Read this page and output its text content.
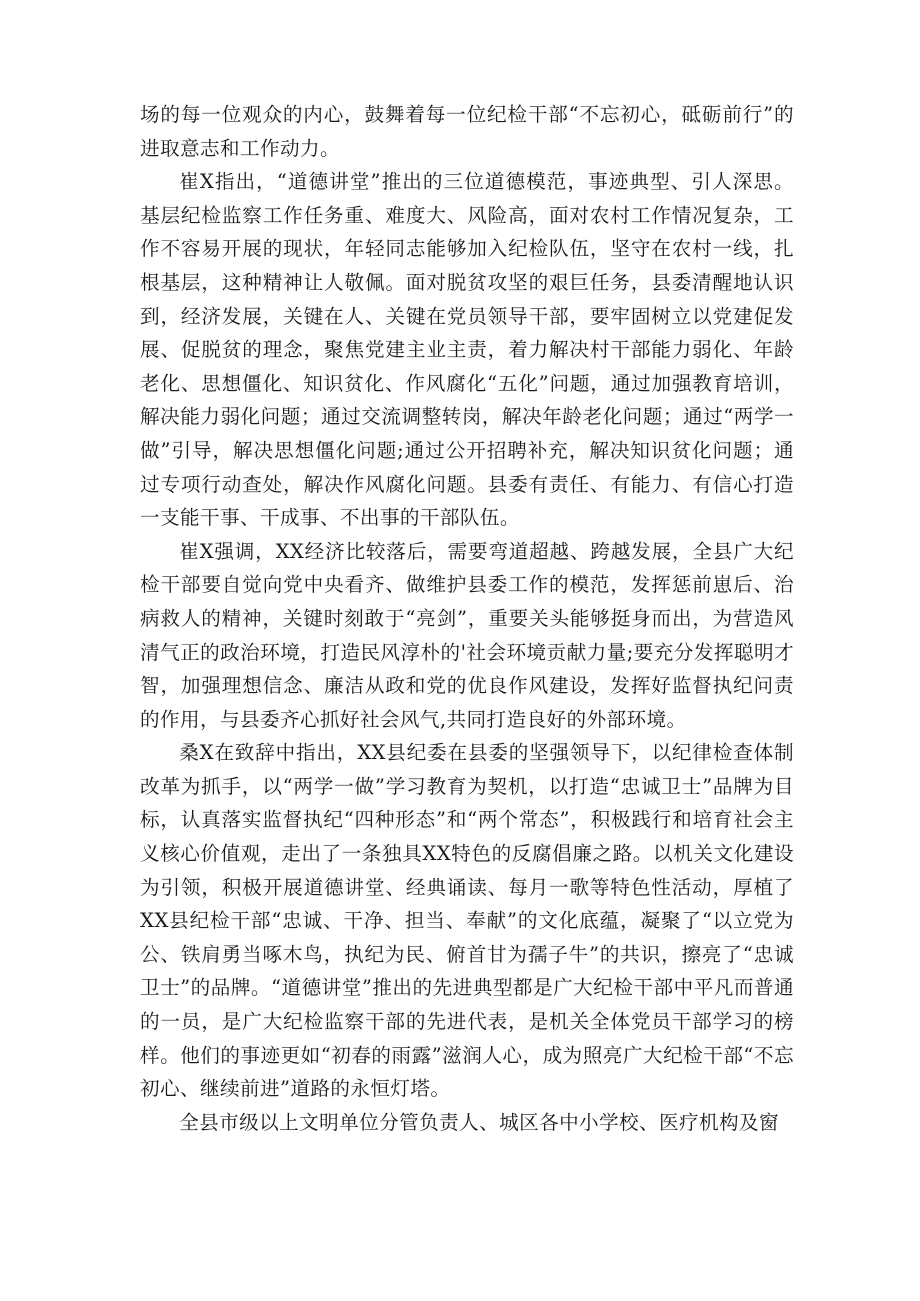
场的每一位观众的内心，鼓舞着每一位纪检干部“不忘初心，砥砺前行”的进取意志和工作动力。

崔X指出，“道德讲堂”推出的三位道德模范，事迹典型、引人深思。基层纪检监察工作任务重、难度大、风险高，面对农村工作情况复杂，工作不容易开展的现状，年轻同志能够加入纪检队伍，坚守在农村一线，扎根基层，这种精神让人敬佩。面对脱贫攻坚的艰巨任务，县委清醒地认识到，经济发展，关键在人、关键在党员领导干部，要牢固树立以党建促发展、促脱贫的理念，聚焦党建主业主责，着力解决村干部能力弱化、年龄老化、思想僵化、知识贫化、作风腐化“五化”问题，通过加强教育培训，解决能力弱化问题；通过交流调整转岗，解决年龄老化问题；通过“两学一做”引导，解决思想僵化问题;通过公开招聘补充，解决知识贫化问题；通过专项行动查处，解决作风腐化问题。县委有责任、有能力、有信心打造一支能干事、干成事、不出事的干部队伍。

崔X强调，XX经济比较落后，需要弯道超越、跨越发展，全县广大纪检干部要自觉向党中央看齐、做维护县委工作的模范，发挥惩前崽后、治病救人的精神，关键时刻敢于“亮剑”，重要关头能够挺身而出，为营造风清气正的政治环境，打造民风淳朴的'社会环境贡献力量;要充分发挥聪明才智，加强理想信念、廉洁从政和党的优良作风建设，发挥好监督执纪问责的作用，与县委齐心抓好社会风气,共同打造良好的外部环境。

桑X在致辞中指出，XX县纪委在县委的坚强领导下，以纪律检查体制改革为抓手，以“两学一做”学习教育为契机，以打造“忠诚卫士”品牌为目标，认真落实监督执纪“四种形态”和“两个常态”，积极践行和培育社会主义核心价值观，走出了一条独具XX特色的反腐倡廉之路。以机关文化建设为引领，积极开展道德讲堂、经典诵读、每月一歌等特色性活动，厚植了XX县纪检干部“忠诚、干净、担当、奉献”的文化底蕴，凝聚了“以立党为公、铁肩勇当啄木鸟，执纪为民、俯首甘为孺子牛”的共识，擦亮了“忠诚卫士”的品牌。“道德讲堂”推出的先进典型都是广大纪检干部中平凡而普通的一员，是广大纪检监察干部的先进代表，是机关全体党员干部学习的榜样。他们的事迹更如“初春的雨露”滋润人心，成为照亮广大纪检干部“不忘初心、继续前进”道路的永恒灯塔。

全县市级以上文明单位分管负责人、城区各中小学校、医疗机构及窗
